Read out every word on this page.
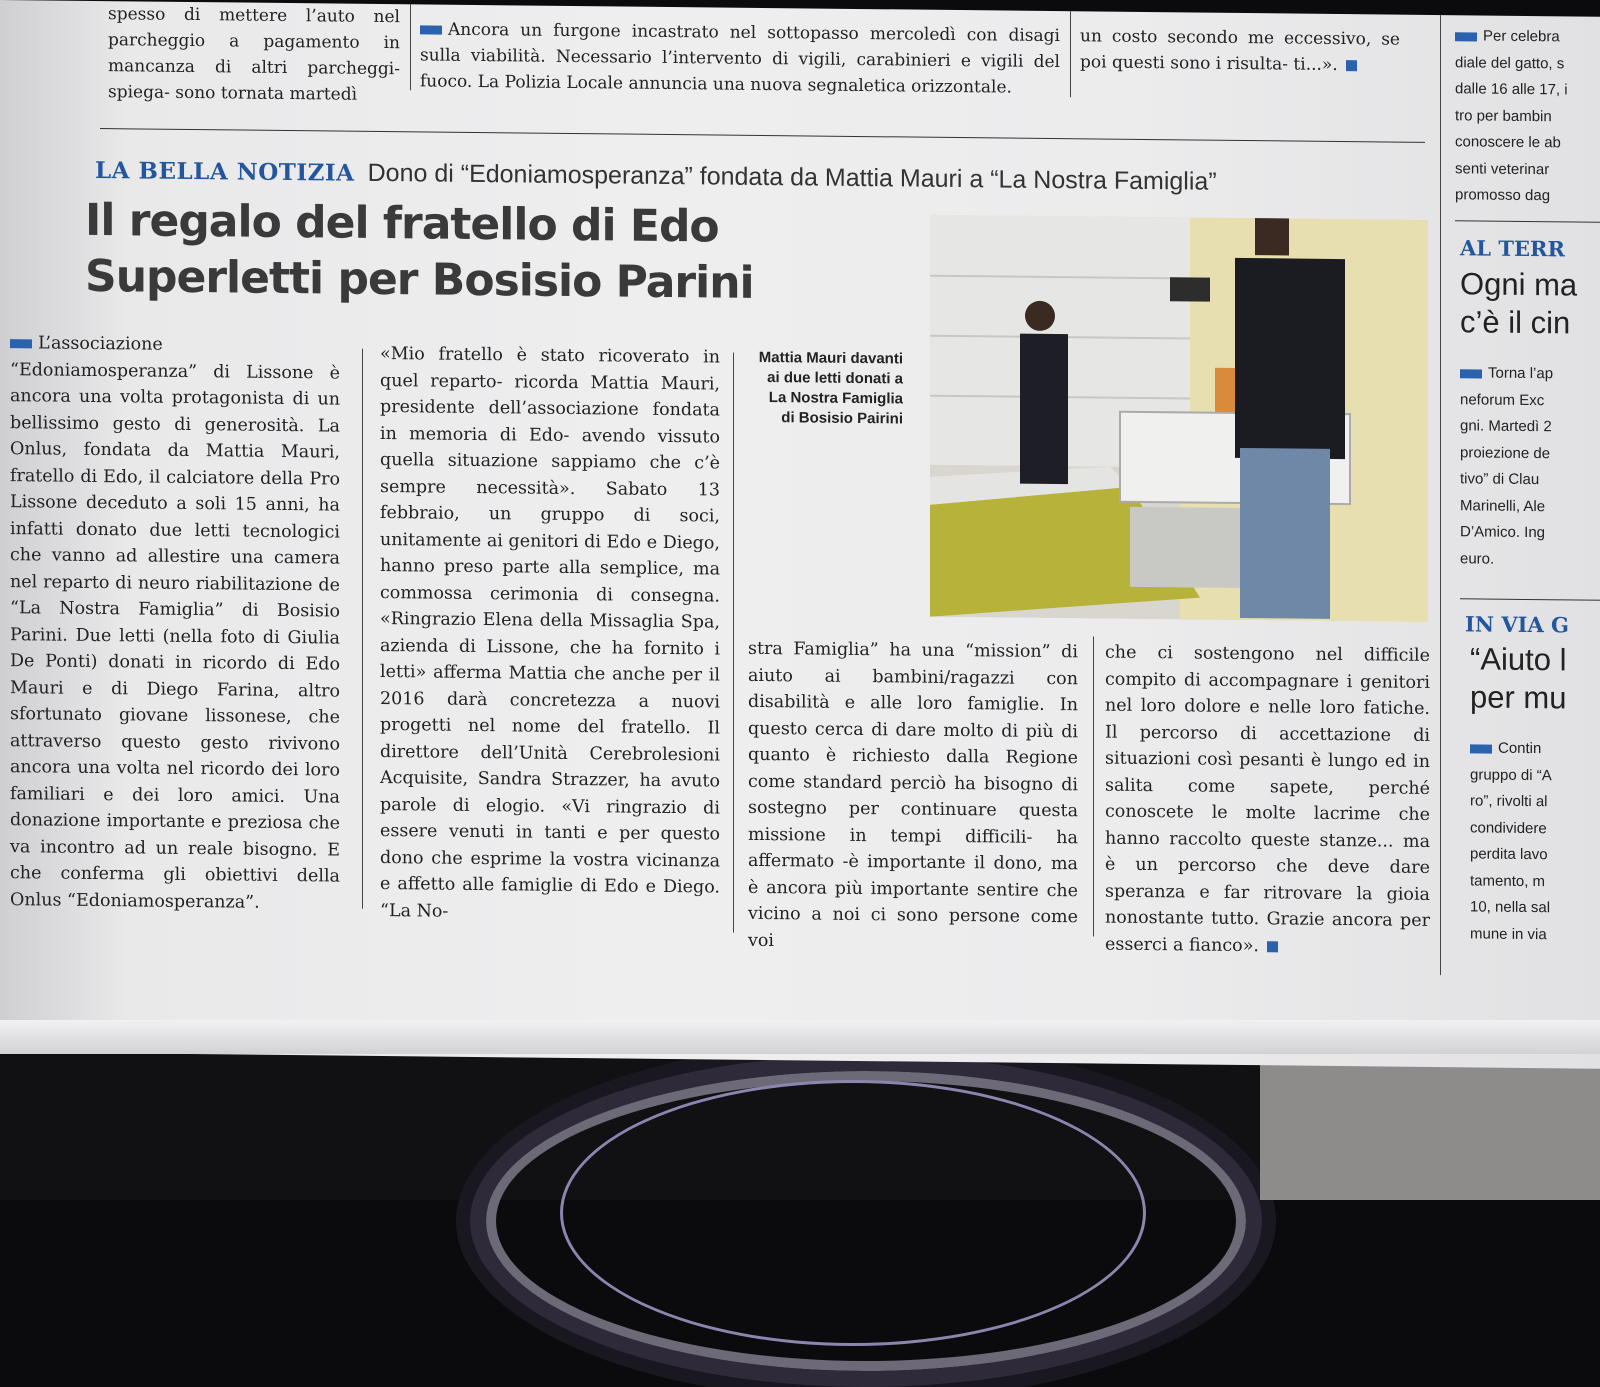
spesso di mettere l’auto nel parcheggio a pagamento in mancanza di altri parcheggi- spiega- sono tornata martedì

Ancora un furgone incastrato nel sottopasso mercoledì con disagi sulla viabilità. Necessario l’intervento di vigili, carabinieri e vigili del fuoco. La Polizia Locale annuncia una nuova segnaletica orizzontale.

un costo secondo me eccessivo, se poi questi sono i risulta- ti...».

Per celebra
diale del gatto, s
dalle 16 alle 17, i
tro per bambin
conoscere le ab
senti veterinar
promosso dag

AL TERR

Ogni ma
c’è il cin

Torna l’ap
neforum Exc
gni. Martedì 2
proiezione de
tivo” di Clau
Marinelli, Ale
D’Amico. Ing
euro.

IN VIA G

“Aiuto l
per mu

Contin
gruppo di “A
ro”, rivolti al
condividere
perdita lavo
tamento, m
10, nella sal
mune in via

LA BELLA NOTIZIA Dono di “Edoniamosperanza” fondata da Mattia Mauri a “La Nostra Famiglia”
Il regalo del fratello di Edo
Superletti per Bosisio Parini

Mattia Mauri davanti ai due letti donati a La Nostra Famiglia di Bosisio Pairini

L’associazione “Edoniamosperanza” di Lissone è ancora una volta protagonista di un bellissimo gesto di generosità. La Onlus, fondata da Mattia Mauri, fratello di Edo, il calciatore della Pro Lissone deceduto a soli 15 anni, ha infatti donato due letti tecnologici che vanno ad allestire una camera nel reparto di neuro riabilitazione de “La Nostra Famiglia” di Bosisio Parini. Due letti (nella foto di Giulia De Ponti) donati in ricordo di Edo Mauri e di Diego Farina, altro sfortunato giovane lissonese, che attraverso questo gesto rivivono ancora una volta nel ricordo dei loro familiari e dei loro amici. Una donazione importante e preziosa che va incontro ad un reale bisogno. E che conferma gli obiettivi della Onlus “Edoniamosperanza”.

«Mio fratello è stato ricoverato in quel reparto- ricorda Mattia Mauri, presidente dell’associazione fondata in memoria di Edo- avendo vissuto quella situazione sappiamo che c’è sempre necessità». Sabato 13 febbraio, un gruppo di soci, unitamente ai genitori di Edo e Diego, hanno preso parte alla semplice, ma commossa cerimonia di consegna. «Ringrazio Elena della Missaglia Spa, azienda di Lissone, che ha fornito i letti» afferma Mattia che anche per il 2016 darà concretezza a nuovi progetti nel nome del fratello. Il direttore dell’Unità Cerebrolesioni Acquisite, Sandra Strazzer, ha avuto parole di elogio. «Vi ringrazio di essere venuti in tanti e per questo dono che esprime la vostra vicinanza e affetto alle famiglie di Edo e Diego. “La No-

stra Famiglia” ha una “mission” di aiuto ai bambini/ragazzi con disabilità e alle loro famiglie. In questo cerca di dare molto di più di quanto è richiesto dalla Regione come standard perciò ha bisogno di sostegno per continuare questa missione in tempi difficili- ha affermato -è importante il dono, ma è ancora più importante sentire che vicino a noi ci sono persone come voi

che ci sostengono nel difficile compito di accompagnare i genitori nel loro dolore e nelle loro fatiche. Il percorso di accettazione di situazioni così pesanti è lungo ed in salita come sapete, perché conoscete le molte lacrime che hanno raccolto queste stanze... ma è un percorso che deve dare speranza e far ritrovare la gioia nonostante tutto. Grazie ancora per esserci a fianco».
